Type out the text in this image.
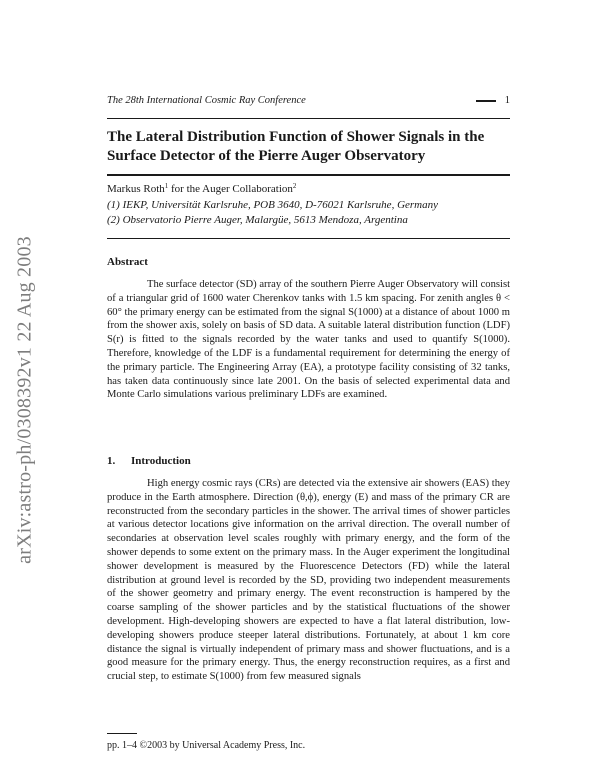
arXiv:astro-ph/0308392v1 22 Aug 2003
The 28th International Cosmic Ray Conference	1
The Lateral Distribution Function of Shower Signals in the Surface Detector of the Pierre Auger Observatory
Markus Roth$^1$ for the Auger Collaboration$^2$
(1) IEKP, Universität Karlsruhe, POB 3640, D-76021 Karlsruhe, Germany
(2) Observatorio Pierre Auger, Malargüe, 5613 Mendoza, Argentina
Abstract

The surface detector (SD) array of the southern Pierre Auger Observatory will consist of a triangular grid of 1600 water Cherenkov tanks with 1.5 km spacing. For zenith angles θ < 60° the primary energy can be estimated from the signal S(1000) at a distance of about 1000 m from the shower axis, solely on basis of SD data. A suitable lateral distribution function (LDF) S(r) is fitted to the signals recorded by the water tanks and used to quantify S(1000). Therefore, knowledge of the LDF is a fundamental requirement for determining the energy of the primary particle. The Engineering Array (EA), a prototype facility consisting of 32 tanks, has taken data continuously since late 2001. On the basis of selected experimental data and Monte Carlo simulations various preliminary LDFs are examined.

1. Introduction

High energy cosmic rays (CRs) are detected via the extensive air showers (EAS) they produce in the Earth atmosphere. Direction (θ,ϕ), energy (E) and mass of the primary CR are reconstructed from the secondary particles in the shower. The arrival times of shower particles at various detector locations give information on the arrival direction. The overall number of secondaries at observation level scales roughly with primary energy, and the form of the shower depends to some extent on the primary mass. In the Auger experiment the longitudinal shower development is measured by the Fluorescence Detectors (FD) while the lateral distribution at ground level is recorded by the SD, providing two independent measurements of the shower geometry and primary energy. The event reconstruction is hampered by the coarse sampling of the shower particles and by the statistical fluctuations of the shower development. High-developing showers are expected to have a flat lateral distribution, low-developing showers produce steeper lateral distributions. Fortunately, at about 1 km core distance the signal is virtually independent of primary mass and shower fluctuations, and is a good measure for the primary energy. Thus, the energy reconstruction requires, as a first and crucial step, to estimate S(1000) from few measured signals

pp. 1–4 ©2003 by Universal Academy Press, Inc.
